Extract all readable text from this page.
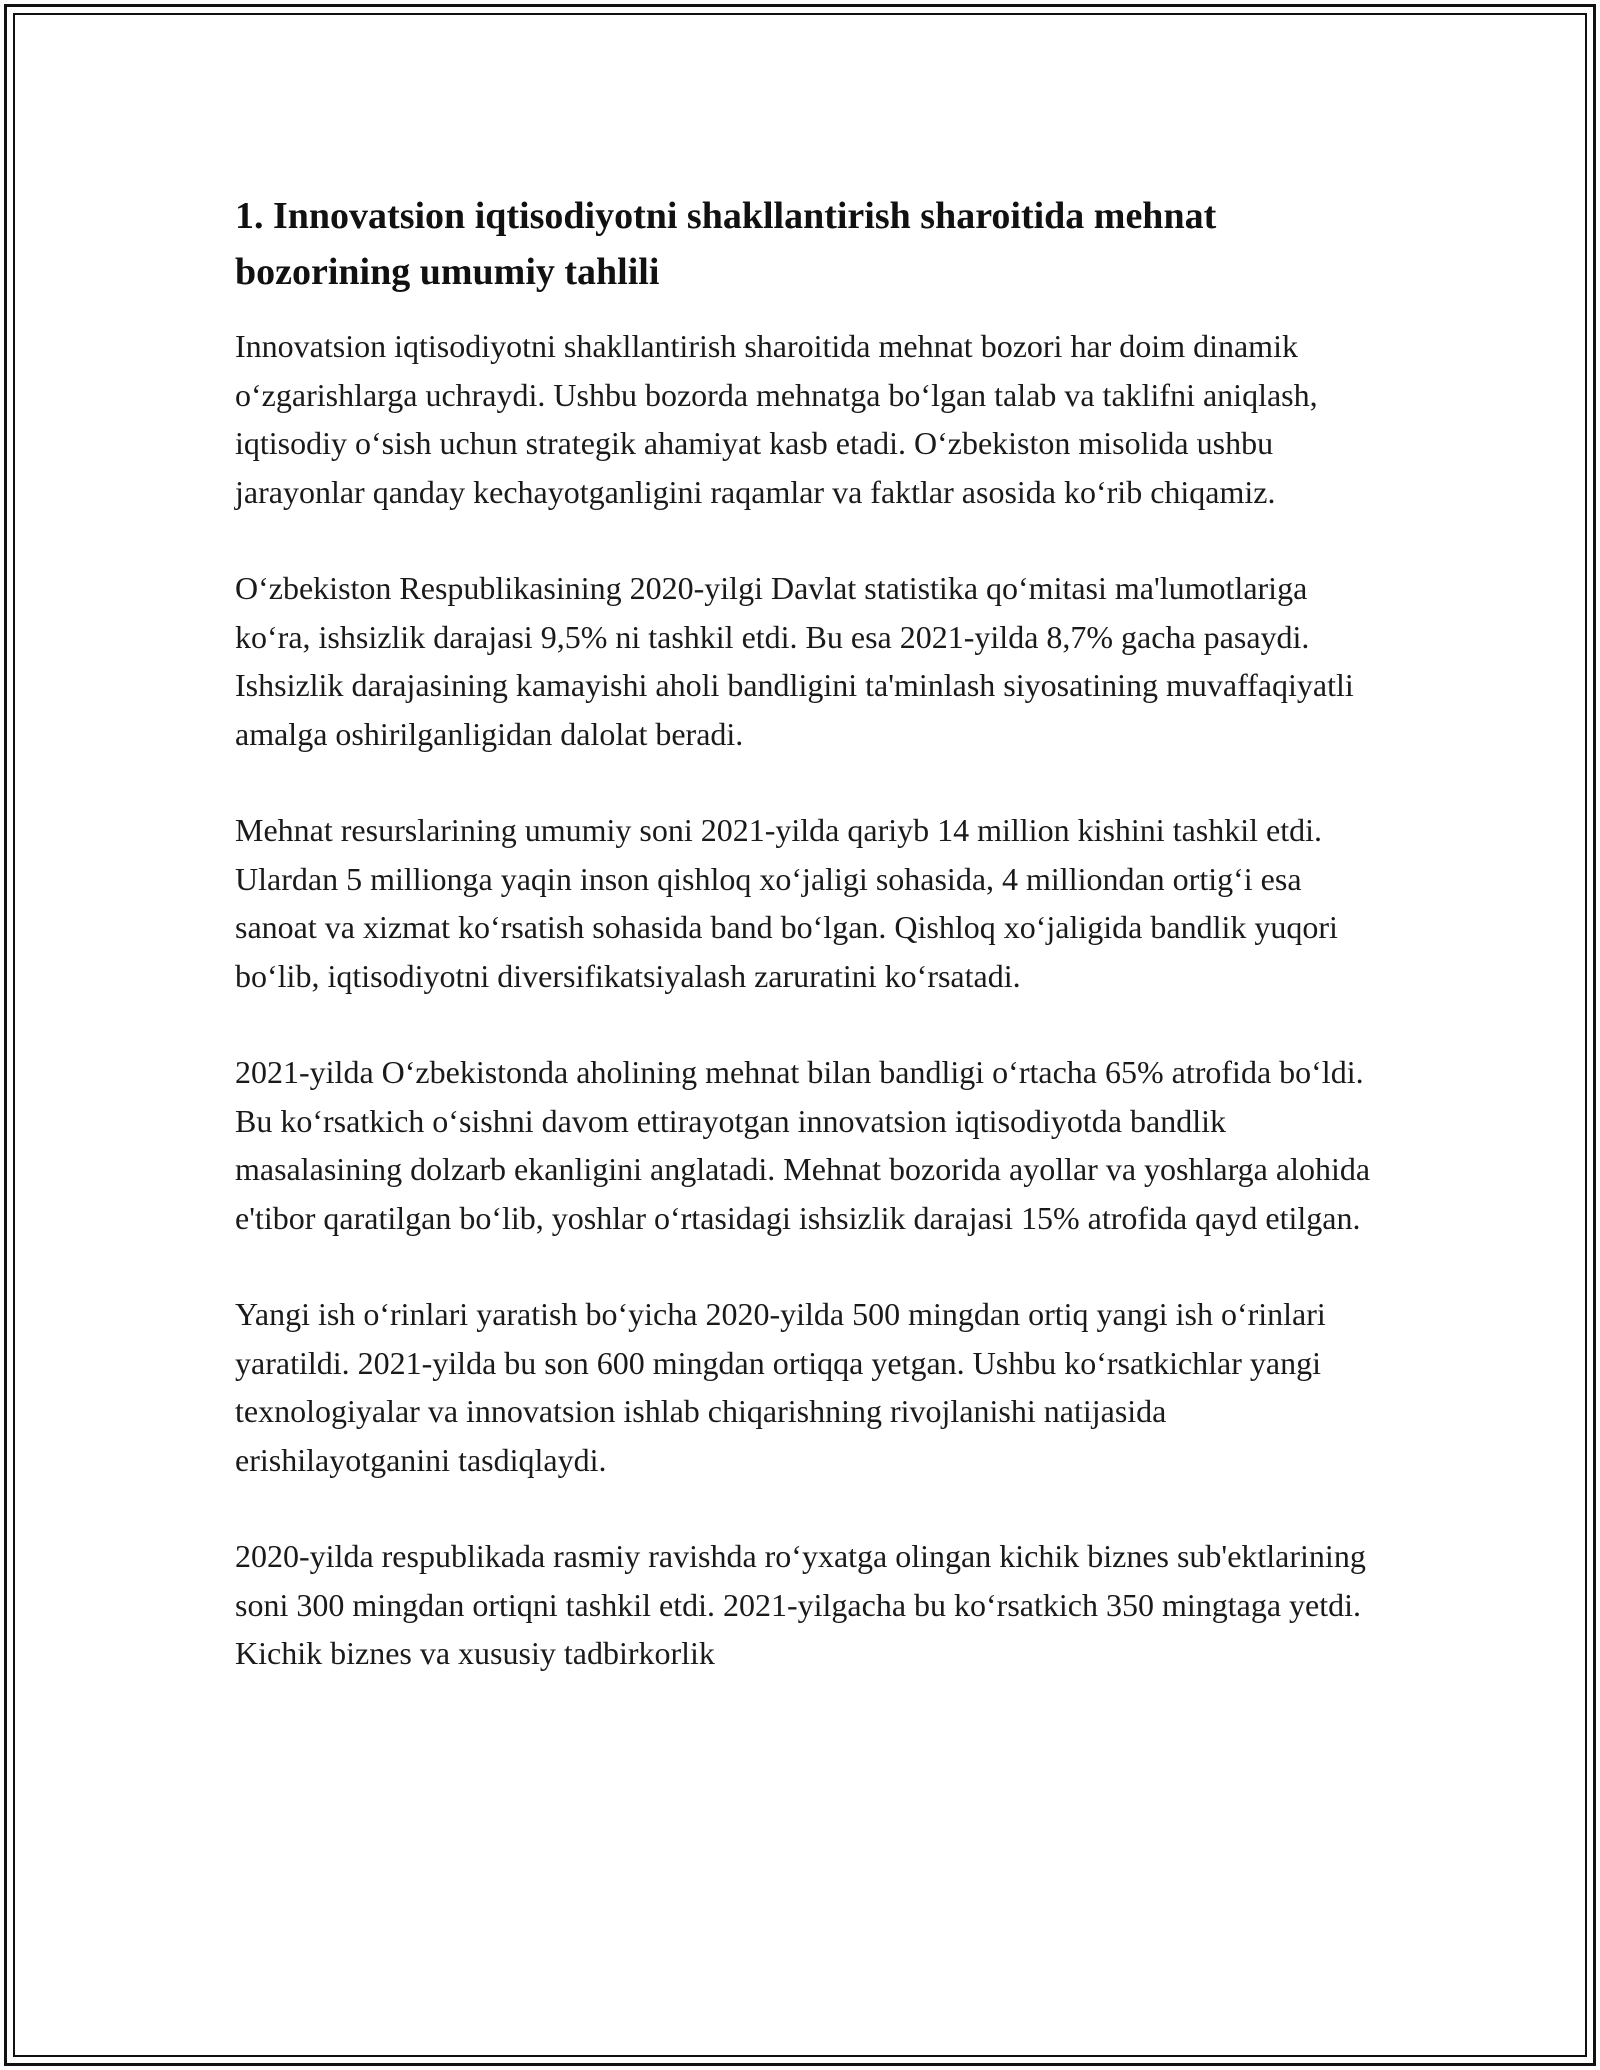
1. Innovatsion iqtisodiyotni shakllantirish sharoitida mehnat bozorining umumiy tahlili

Innovatsion iqtisodiyotni shakllantirish sharoitida mehnat bozori har doim dinamik o‘zgarishlarga uchraydi. Ushbu bozorda mehnatga bo‘lgan talab va taklifni aniqlash, iqtisodiy o‘sish uchun strategik ahamiyat kasb etadi. O‘zbekiston misolida ushbu jarayonlar qanday kechayotganligini raqamlar va faktlar asosida ko‘rib chiqamiz.

O‘zbekiston Respublikasining 2020-yilgi Davlat statistika qo‘mitasi ma'lumotlariga ko‘ra, ishsizlik darajasi 9,5% ni tashkil etdi. Bu esa 2021-yilda 8,7% gacha pasaydi. Ishsizlik darajasining kamayishi aholi bandligini ta'minlash siyosatining muvaffaqiyatli amalga oshirilganligidan dalolat beradi.

Mehnat resurslarining umumiy soni 2021-yilda qariyb 14 million kishini tashkil etdi. Ulardan 5 millionga yaqin inson qishloq xo‘jaligi sohasida, 4 milliondan ortig‘i esa sanoat va xizmat ko‘rsatish sohasida band bo‘lgan. Qishloq xo‘jaligida bandlik yuqori bo‘lib, iqtisodiyotni diversifikatsiyalash zaruratini ko‘rsatadi.

2021-yilda O‘zbekistonda aholining mehnat bilan bandligi o‘rtacha 65% atrofida bo‘ldi. Bu ko‘rsatkich o‘sishni davom ettirayotgan innovatsion iqtisodiyotda bandlik masalasining dolzarb ekanligini anglatadi. Mehnat bozorida ayollar va yoshlarga alohida e'tibor qaratilgan bo‘lib, yoshlar o‘rtasidagi ishsizlik darajasi 15% atrofida qayd etilgan.

Yangi ish o‘rinlari yaratish bo‘yicha 2020-yilda 500 mingdan ortiq yangi ish o‘rinlari yaratildi. 2021-yilda bu son 600 mingdan ortiqqa yetgan. Ushbu ko‘rsatkichlar yangi texnologiyalar va innovatsion ishlab chiqarishning rivojlanishi natijasida erishilayotganini tasdiqlaydi.

2020-yilda respublikada rasmiy ravishda ro‘yxatga olingan kichik biznes sub'ektlarining soni 300 mingdan ortiqni tashkil etdi. 2021-yilgacha bu ko‘rsatkich 350 mingtaga yetdi. Kichik biznes va xususiy tadbirkorlik
